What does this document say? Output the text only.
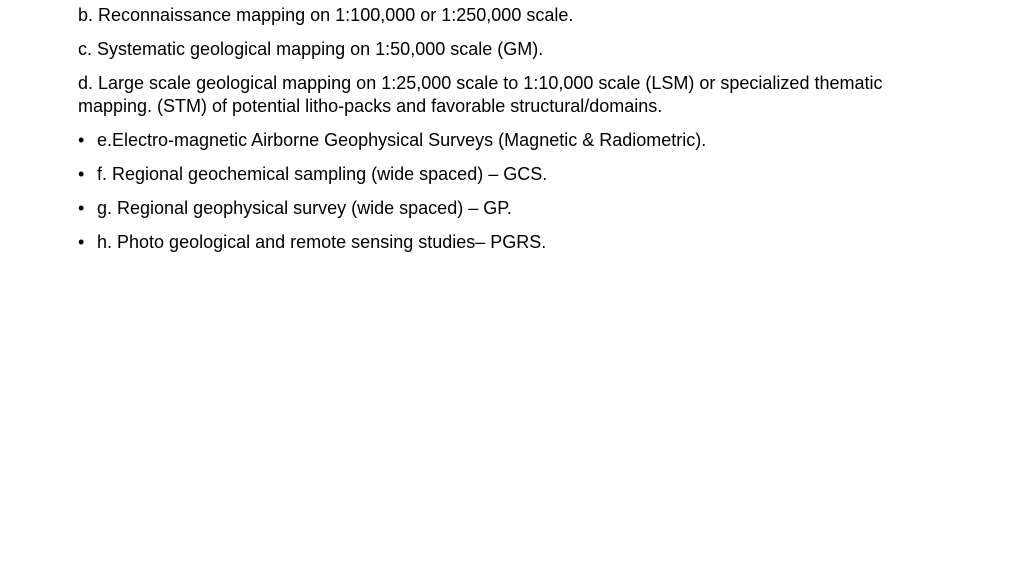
b. Reconnaissance mapping on 1:100,000 or 1:250,000 scale.

c. Systematic geological mapping on 1:50,000 scale (GM).

d. Large scale geological mapping on 1:25,000 scale to 1:10,000 scale (LSM) or specialized thematic mapping. (STM) of potential litho-packs and favorable structural/domains.

• e.Electro-magnetic Airborne Geophysical Surveys (Magnetic & Radiometric).
• f. Regional geochemical sampling (wide spaced) – GCS.
• g. Regional geophysical survey (wide spaced) – GP.
• h. Photo geological and remote sensing studies– PGRS.
